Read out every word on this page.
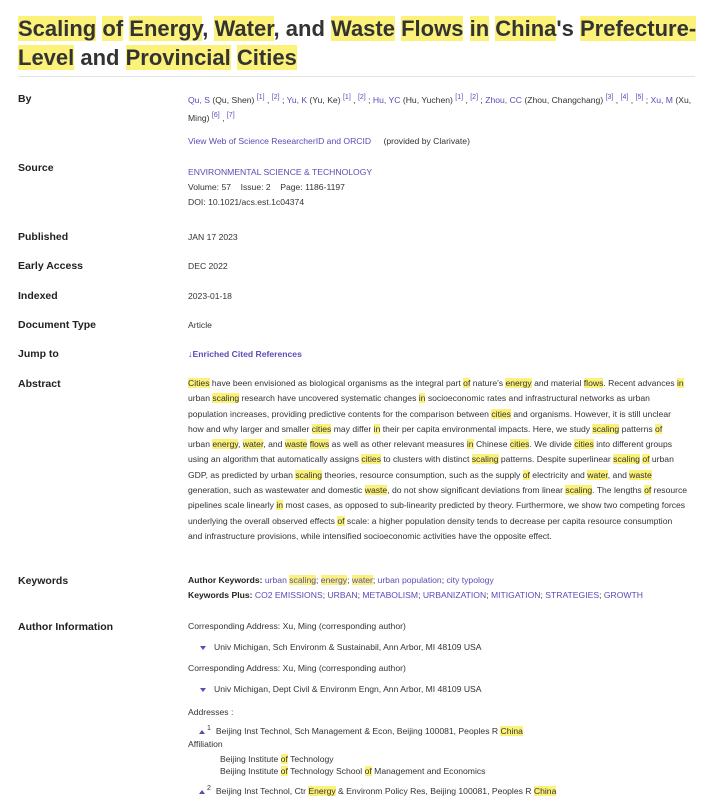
Scaling of Energy, Water, and Waste Flows in China's Prefecture- Level and Provincial Cities
By	Qu, S (Qu, Shen) [1] , [2] ; Yu, K (Yu, Ke) [1] , [2] ; Hu, YC (Hu, Yuchen) [1] , [2] ; Zhou, CC (Zhou, Changchang) [3] , [4] , [5] ; Xu, M (Xu, Ming) [6] , [7]
View Web of Science ResearcherID and ORCID (provided by Clarivate)
Source	ENVIRONMENTAL SCIENCE & TECHNOLOGY
Volume: 57 Issue: 2 Page: 1186-1197
DOI: 10.1021/acs.est.1c04374
Published	JAN 17 2023
Early Access	DEC 2022
Indexed	2023-01-18
Document Type	Article
Jump to	↓Enriched Cited References
Abstract	Cities have been envisioned as biological organisms as the integral part of nature's energy and material flows. Recent advances in
urban scaling research have uncovered systematic changes in socioeconomic rates and infrastructural networks as urban
population increases, providing predictive contents for the comparison between cities and organisms. However, it is still unclear
how and why larger and smaller cities may differ in their per capita environmental impacts. Here, we study scaling patterns of
urban energy, water, and waste flows as well as other relevant measures in Chinese cities. We divide cities into different groups
using an algorithm that automatically assigns cities to clusters with distinct scaling patterns. Despite superlinear scaling of urban
GDP, as predicted by urban scaling theories, resource consumption, such as the supply of electricity and water, and waste
generation, such as wastewater and domestic waste, do not show significant deviations from linear scaling. The lengths of resource
pipelines scale linearly in most cases, as opposed to sub-linearity predicted by theory. Furthermore, we show two competing forces
underlying the overall observed effects of scale: a higher population density tends to decrease per capita resource consumption
and infrastructure provisions, while intensified socioeconomic activities have the opposite effect.
Keywords	Author Keywords: urban scaling; energy; water; urban population; city typology
Keywords Plus: CO2 EMISSIONS; URBAN; METABOLISM; URBANIZATION; MITIGATION; STRATEGIES; GROWTH
Author Information	Corresponding Address: Xu, Ming (corresponding author)
Univ Michigan, Sch Environm & Sustainabil, Ann Arbor, MI 48109 USA
Corresponding Address: Xu, Ming (corresponding author)
Univ Michigan, Dept Civil & Environm Engn, Ann Arbor, MI 48109 USA
Addresses :
$^1$ Beijing Inst Technol, Sch Management & Econ, Beijing 100081, Peoples R China
Affiliation
Beijing Institute of Technology
Beijing Institute of Technology School of Management and Economics
$^2$ Beijing Inst Technol, Ctr Energy & Environm Policy Res, Beijing 100081, Peoples R China
